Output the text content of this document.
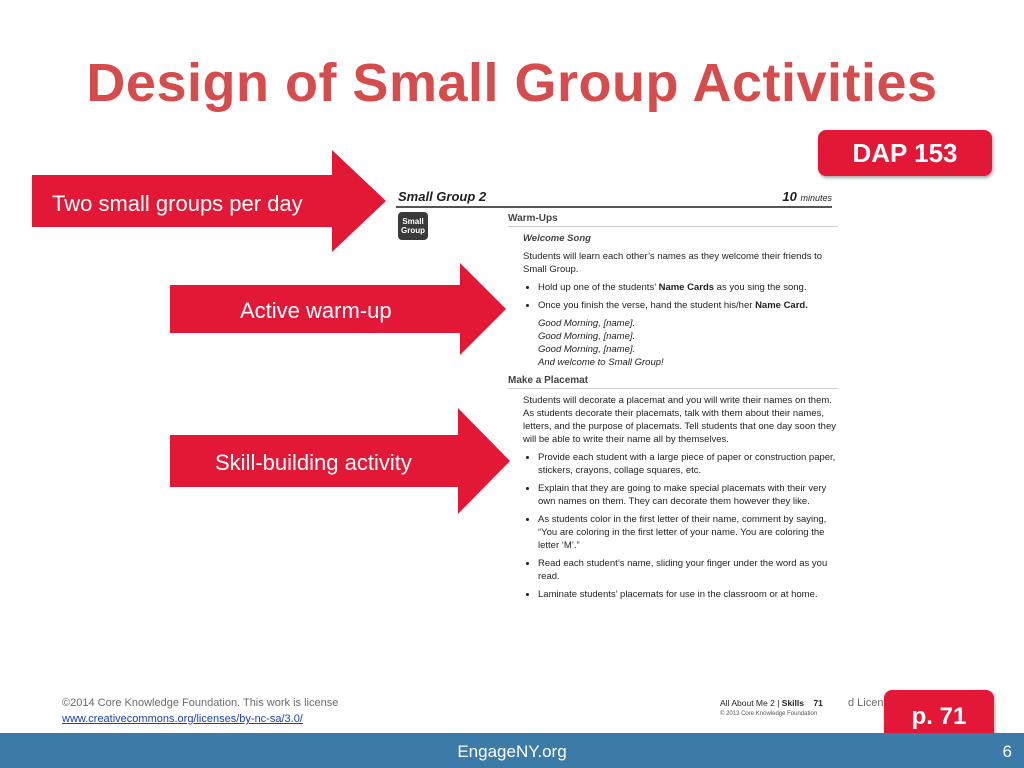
Design of Small Group Activities
DAP 153
Two small groups per day
Active warm-up
Skill-building activity
Small Group 2	10 minutes
Small
Group
Warm-Ups
Welcome Song
Students will learn each other’s names as they welcome their friends to Small Group.
• Hold up one of the students’ Name Cards as you sing the song.
• Once you finish the verse, hand the student his/her Name Card.
Good Morning, [name].
Good Morning, [name].
Good Morning, [name].
And welcome to Small Group!
Make a Placemat
Students will decorate a placemat and you will write their names on them. As students decorate their placemats, talk with them about their names, letters, and the purpose of placemats. Tell students that one day soon they will be able to write their name all by themselves.
• Provide each student with a large piece of paper or construction paper, stickers, crayons, collage squares, etc.
• Explain that they are going to make special placemats with their very own names on them. They can decorate them however they like.
• As students color in the first letter of their name, comment by saying, “You are coloring in the first letter of your name. You are coloring the letter ‘M’.”
• Read each student’s name, sliding your finger under the word as you read.
• Laminate students’ placemats for use in the classroom or at home.
All About Me 2 | Skills 71
© 2013 Core Knowledge Foundation
©2014 Core Knowledge Foundation. This work is license	d Licen
www.creativecommons.org/licenses/by-nc-sa/3.0/	p. 71
EngageNY.org	6
